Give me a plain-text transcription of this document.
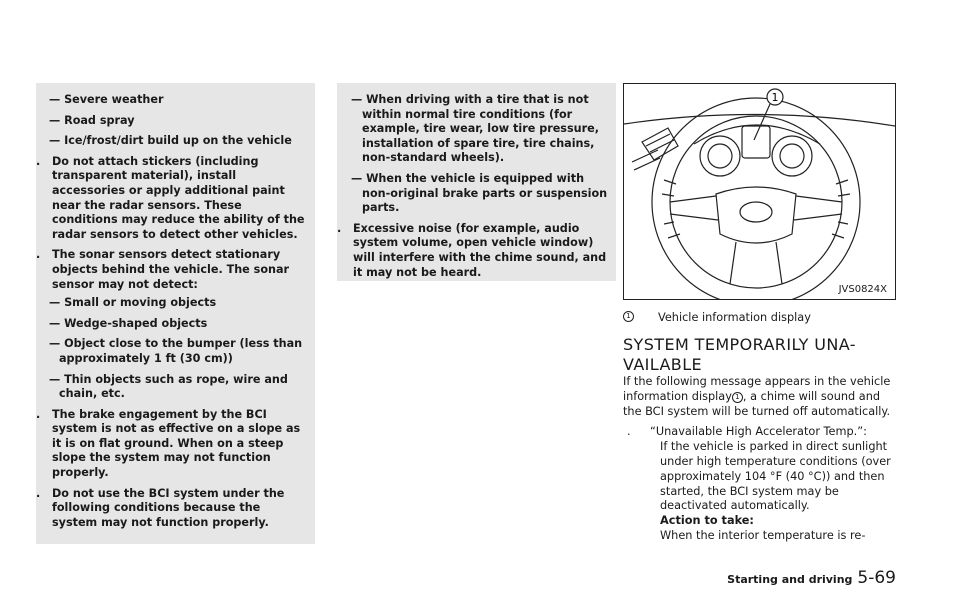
— Severe weather

— Road spray

— Ice/frost/dirt build up on the vehicle

. Do not attach stickers (including transparent material), install accessories or apply additional paint near the radar sensors. These conditions may reduce the ability of the radar sensors to detect other vehicles.
. The sonar sensors detect stationary objects behind the vehicle. The sonar sensor may not detect:

— Small or moving objects

— Wedge-shaped objects

— Object close to the bumper (less than approximately 1 ft (30 cm))

— Thin objects such as rope, wire and chain, etc.

. The brake engagement by the BCI system is not as effective on a slope as it is on flat ground. When on a steep slope the system may not function properly.
. Do not use the BCI system under the following conditions because the system may not function properly.

— When driving with a tire that is not within normal tire conditions (for example, tire wear, low tire pressure, installation of spare tire, tire chains, non-standard wheels).

— When the vehicle is equipped with non-original brake parts or suspension parts.

. Excessive noise (for example, audio system volume, open vehicle window) will interfere with the chime sound, and it may not be heard.
1
JVS0824X
1 Vehicle information display
SYSTEM TEMPORARILY UNA-
VAILABLE

If the following message appears in the vehicle information display 1 , a chime will sound and the BCI system will be turned off automatically.

. “Unavailable High Accelerator Temp.”:
If the vehicle is parked in direct sunlight under high temperature conditions (over approximately 104 °F (40 °C)) and then started, the BCI system may be deactivated automatically.
Action to take:
When the interior temperature is re-
Starting and driving 5-69
